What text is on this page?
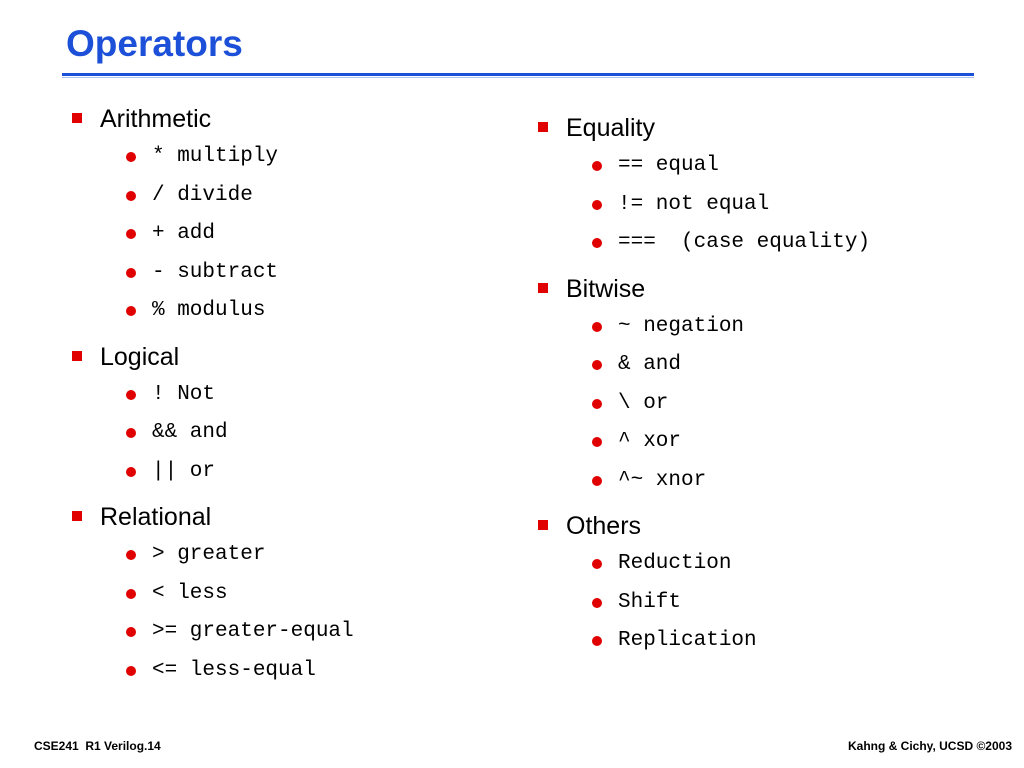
Operators
Arithmetic
* multiply
/ divide
+ add
- subtract
% modulus
Logical
! Not
&& and
|| or
Relational
> greater
< less
>= greater-equal
<= less-equal
Equality
== equal
!= not equal
===  (case equality)
Bitwise
~ negation
& and
\ or
^ xor
^~ xnor
Others
Reduction
Shift
Replication
CSE241  R1 Verilog.14	Kahng & Cichy, UCSD ©2003
